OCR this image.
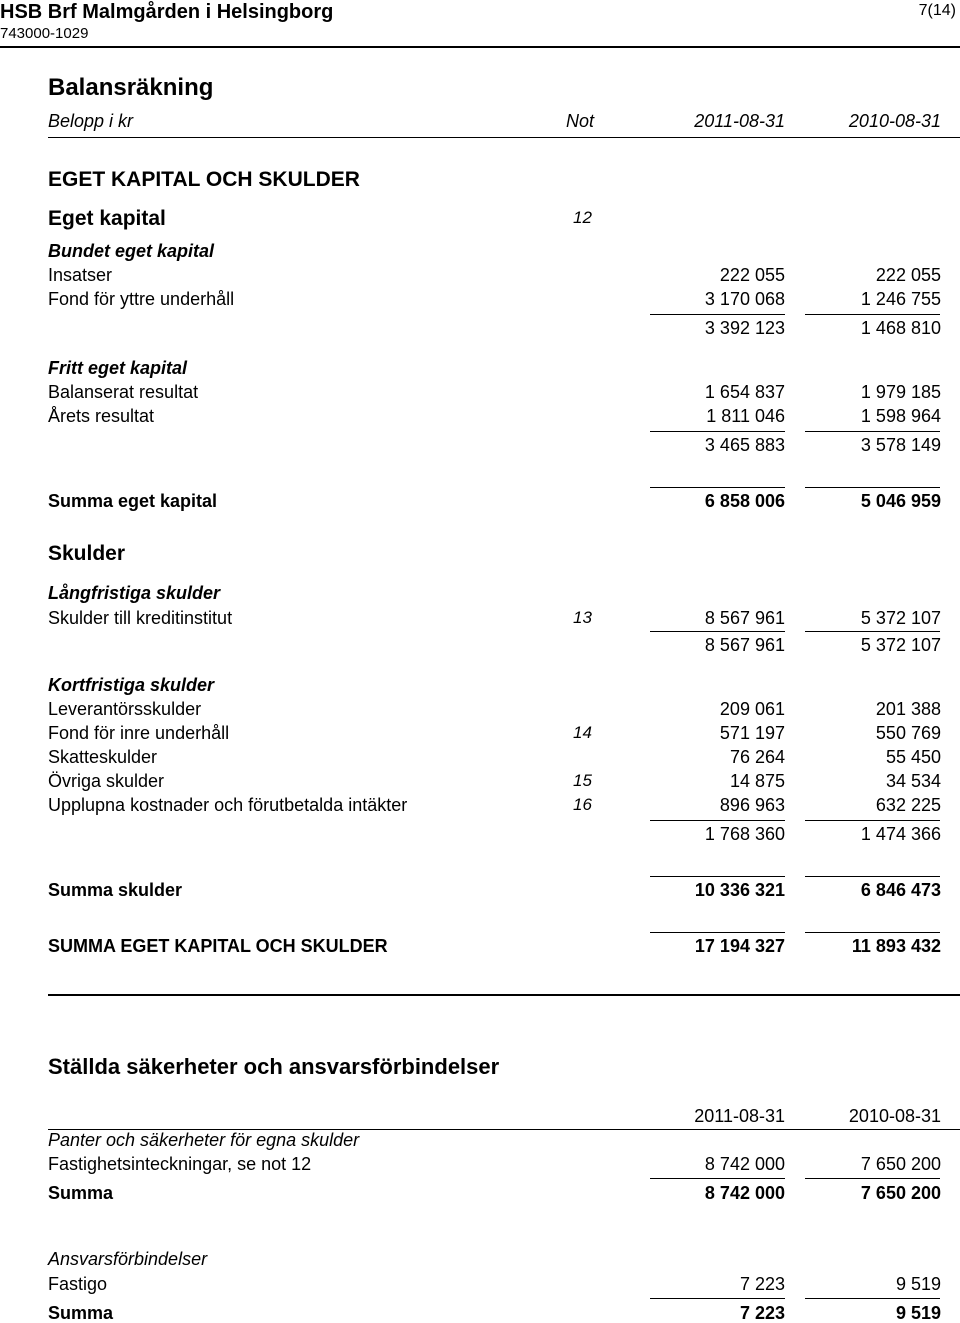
HSB Brf Malmgården i Helsingborg
743000-1029
7(14)
Balansräkning
Belopp i kr	Not	2011-08-31	2010-08-31
EGET KAPITAL OCH SKULDER
Eget kapital	12
Bundet eget kapital
Insatser	222 055	222 055
Fond för yttre underhåll	3 170 068	1 246 755
3 392 123	1 468 810
Fritt eget kapital
Balanserat resultat	1 654 837	1 979 185
Årets resultat	1 811 046	1 598 964
3 465 883	3 578 149
Summa eget kapital	6 858 006	5 046 959
Skulder
Långfristiga skulder
Skulder till kreditinstitut	13	8 567 961	5 372 107
8 567 961	5 372 107
Kortfristiga skulder
Leverantörsskulder	209 061	201 388
Fond för inre underhåll	14	571 197	550 769
Skatteskulder	76 264	55 450
Övriga skulder	15	14 875	34 534
Upplupna kostnader och förutbetalda intäkter	16	896 963	632 225
1 768 360	1 474 366
Summa skulder	10 336 321	6 846 473
SUMMA EGET KAPITAL OCH SKULDER	17 194 327	11 893 432
Ställda säkerheter och ansvarsförbindelser
2011-08-31	2010-08-31
Panter och säkerheter för egna skulder
Fastighetsinteckningar, se not 12	8 742 000	7 650 200
Summa	8 742 000	7 650 200
Ansvarsförbindelser
Fastigo	7 223	9 519
Summa	7 223	9 519
